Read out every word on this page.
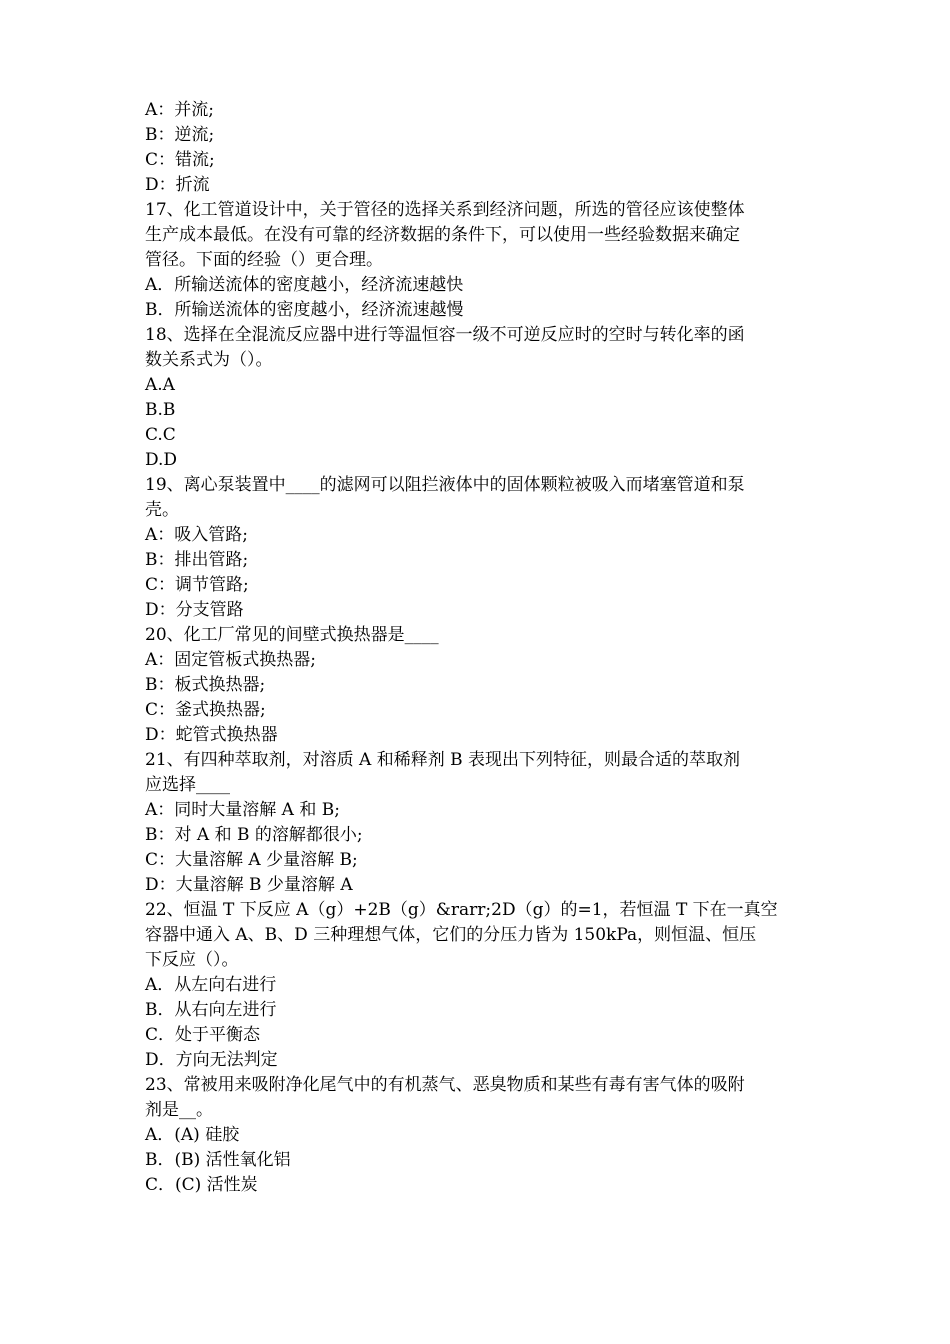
A：并流;
B：逆流;
C：错流;
D：折流
17、化工管道设计中，关于管径的选择关系到经济问题，所选的管径应该使整体
生产成本最低。在没有可靠的经济数据的条件下，可以使用一些经验数据来确定
管径。下面的经验（）更合理。
A．所输送流体的密度越小，经济流速越快
B．所输送流体的密度越小，经济流速越慢
18、选择在全混流反应器中进行等温恒容一级不可逆反应时的空时与转化率的函
数关系式为（）。
A.A
B.B
C.C
D.D
19、离心泵装置中____的滤网可以阻拦液体中的固体颗粒被吸入而堵塞管道和泵
壳。
A：吸入管路;
B：排出管路;
C：调节管路;
D：分支管路
20、化工厂常见的间壁式换热器是____
A：固定管板式换热器;
B：板式换热器;
C：釜式换热器;
D：蛇管式换热器
21、有四种萃取剂，对溶质 A 和稀释剂 B 表现出下列特征，则最合适的萃取剂
应选择____
A：同时大量溶解 A 和 B;
B：对 A 和 B 的溶解都很小;
C：大量溶解 A 少量溶解 B;
D：大量溶解 B 少量溶解 A
22、恒温 T 下反应 A（g）+2B（g）&rarr;2D（g）的=1，若恒温 T 下在一真空
容器中通入 A、B、D 三种理想气体，它们的分压力皆为 150kPa，则恒温、恒压
下反应（）。
A．从左向右进行
B．从右向左进行
C．处于平衡态
D．方向无法判定
23、常被用来吸附净化尾气中的有机蒸气、恶臭物质和某些有毒有害气体的吸附
剂是__。
A．(A) 硅胶
B．(B) 活性氧化铝
C．(C) 活性炭
